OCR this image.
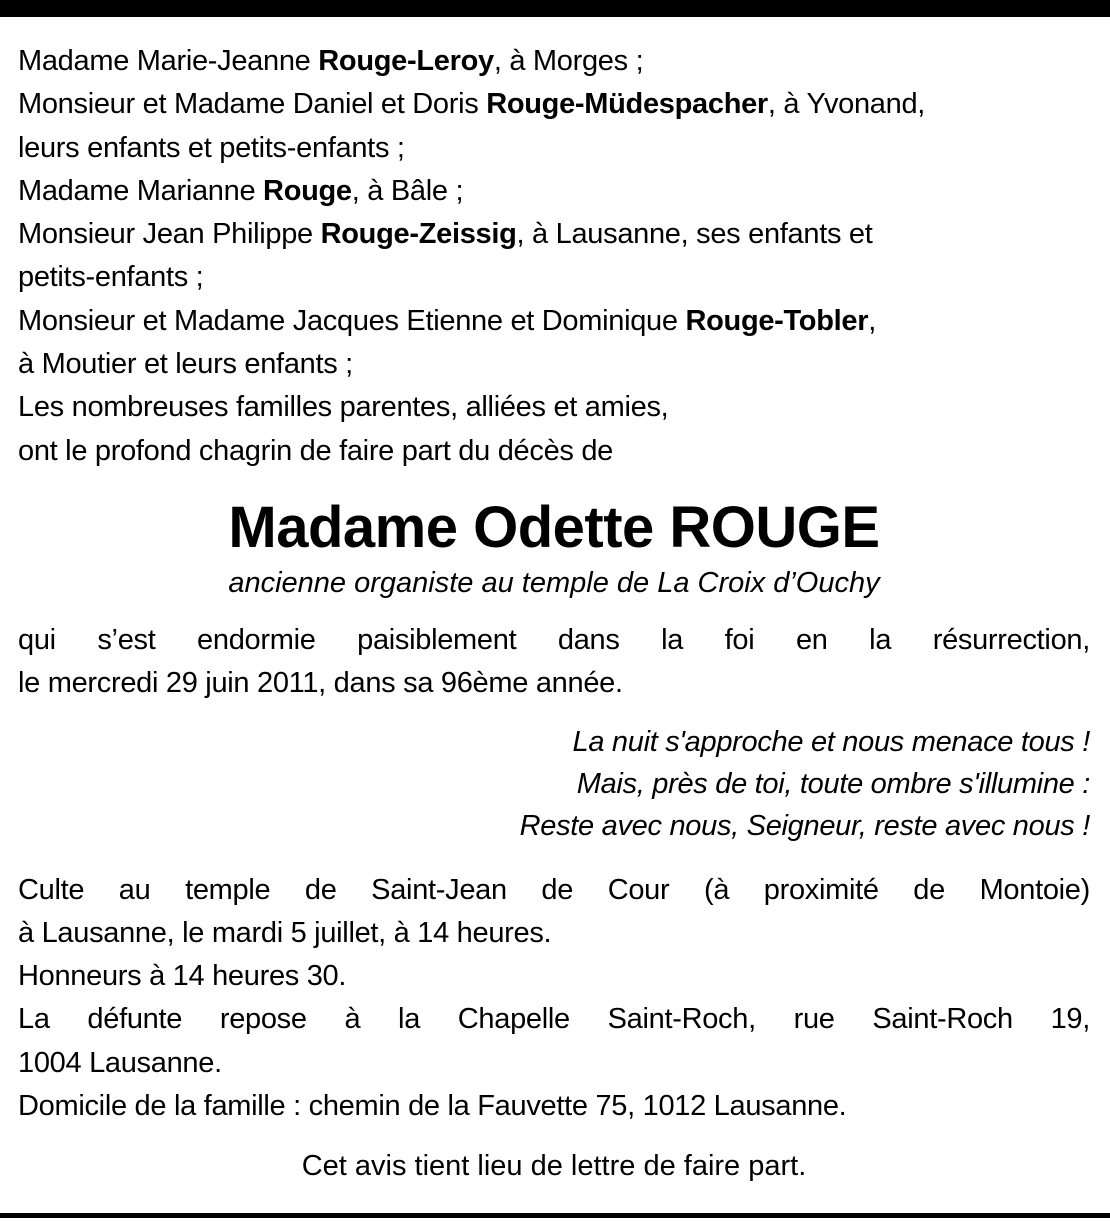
Madame Marie-Jeanne Rouge-Leroy, à Morges ;
Monsieur et Madame Daniel et Doris Rouge-Müdespacher, à Yvonand,
leurs enfants et petits-enfants ;
Madame Marianne Rouge, à Bâle ;
Monsieur Jean Philippe Rouge-Zeissig, à Lausanne, ses enfants et
petits-enfants ;
Monsieur et Madame Jacques Etienne et Dominique Rouge-Tobler,
à Moutier et leurs enfants ;
Les nombreuses familles parentes, alliées et amies,
ont le profond chagrin de faire part du décès de
Madame Odette ROUGE
ancienne organiste au temple de La Croix d’Ouchy
qui s’est endormie paisiblement dans la foi en la résurrection,
le mercredi 29 juin 2011, dans sa 96ème année.
La nuit s'approche et nous menace tous !
Mais, près de toi, toute ombre s'illumine :
Reste avec nous, Seigneur, reste avec nous !
Culte au temple de Saint-Jean de Cour (à proximité de Montoie)
à Lausanne, le mardi 5 juillet, à 14 heures.
Honneurs à 14 heures 30.
La défunte repose à la Chapelle Saint-Roch, rue Saint-Roch 19,
1004 Lausanne.
Domicile de la famille : chemin de la Fauvette 75, 1012 Lausanne.
Cet avis tient lieu de lettre de faire part.
